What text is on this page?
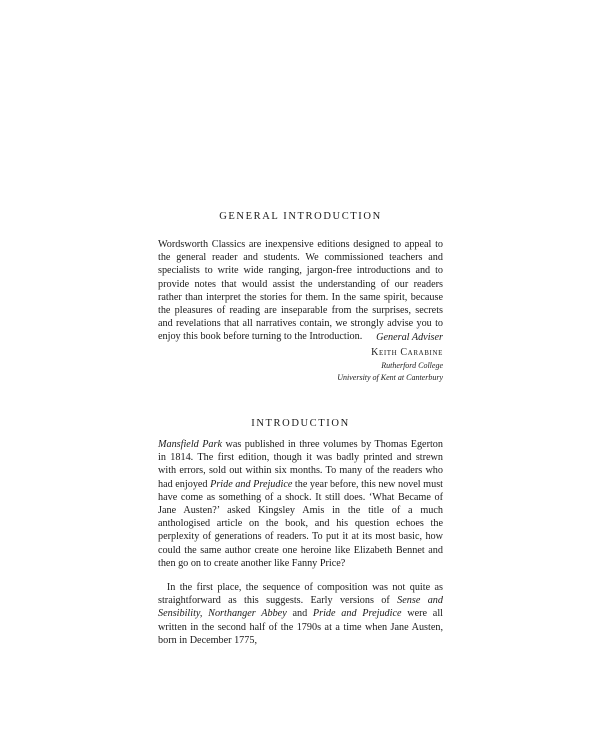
GENERAL INTRODUCTION

Wordsworth Classics are inexpensive editions designed to appeal to the general reader and students. We commissioned teachers and specialists to write wide ranging, jargon-free introductions and to provide notes that would assist the understanding of our readers rather than interpret the stories for them. In the same spirit, because the pleasures of reading are inseparable from the surprises, secrets and revelations that all narratives contain, we strongly advise you to enjoy this book before turning to the Introduction.	General Adviser

Keith Carabine

Rutherford College

University of Kent at Canterbury

INTRODUCTION

Mansfield Park was published in three volumes by Thomas Egerton in 1814. The first edition, though it was badly printed and strewn with errors, sold out within six months. To many of the readers who had enjoyed Pride and Prejudice the year before, this new novel must have come as something of a shock. It still does. ‘What Became of Jane Austen?’ asked Kingsley Amis in the title of a much anthologised article on the book, and his question echoes the perplexity of generations of readers. To put it at its most basic, how could the same author create one heroine like Elizabeth Bennet and then go on to create another like Fanny Price?

In the first place, the sequence of composition was not quite as straightforward as this suggests. Early versions of Sense and Sensibility, Northanger Abbey and Pride and Prejudice were all written in the second half of the 1790s at a time when Jane Austen, born in December 1775,
